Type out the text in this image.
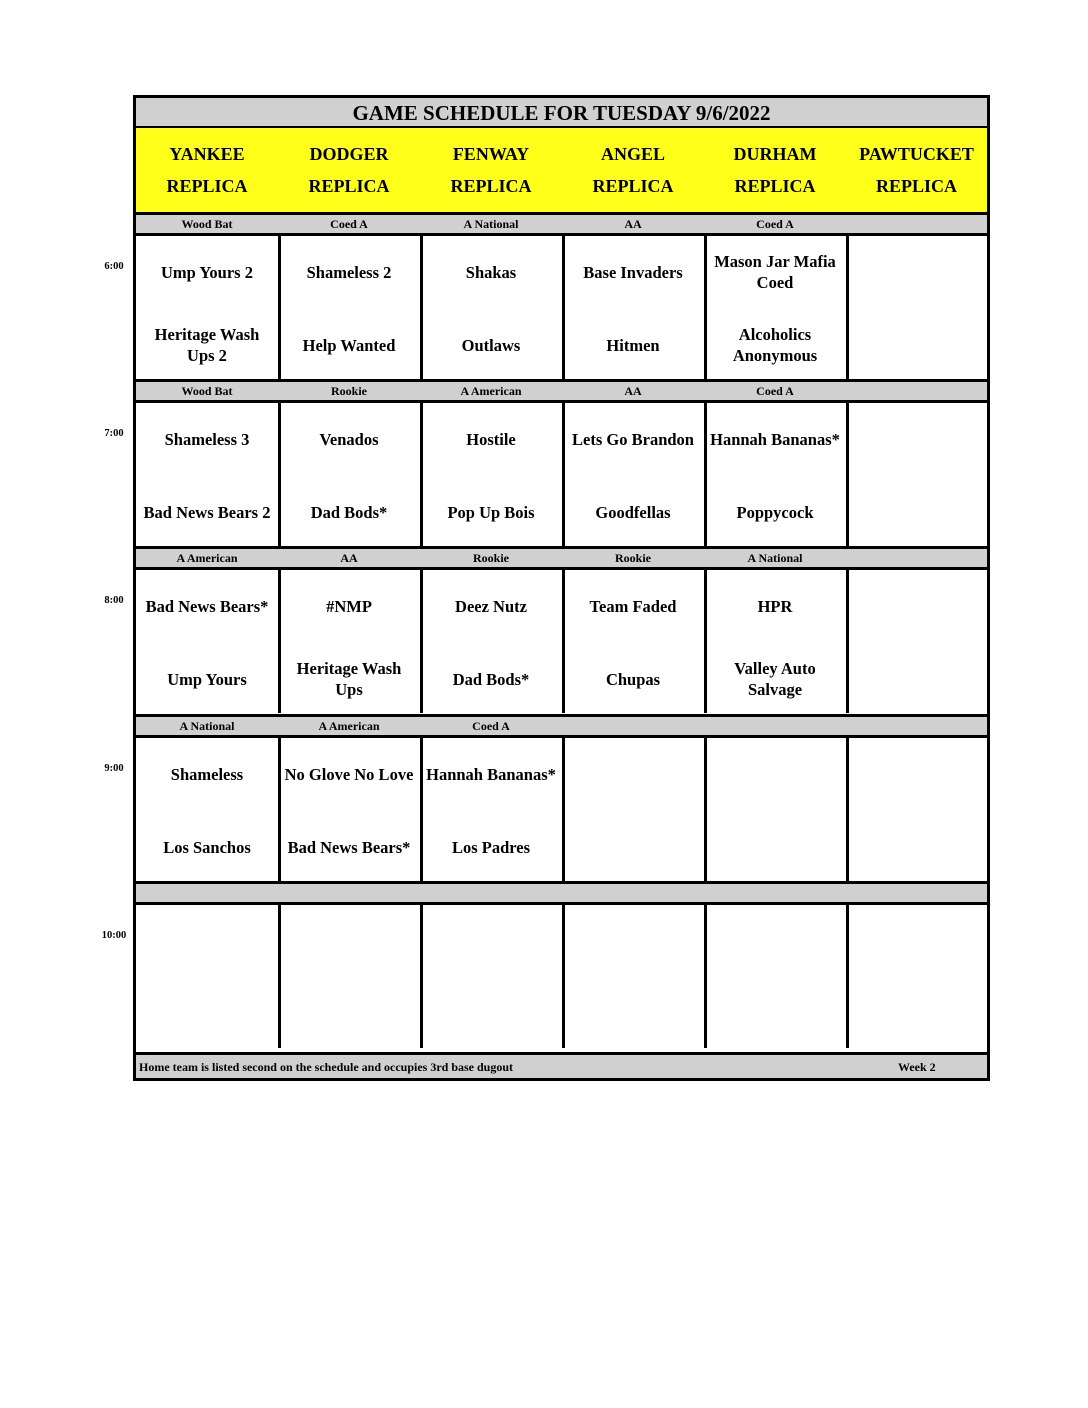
GAME SCHEDULE FOR TUESDAY 9/6/2022
Home team is listed second on the schedule and occupies 3rd base dugout	Week 2
YANKEE
REPLICA
DODGER
REPLICA
FENWAY
REPLICA
ANGEL
REPLICA
DURHAM
REPLICA
PAWTUCKET
REPLICA
Wood Bat
Ump Yours 2
Heritage Wash Ups 2
Coed A
Shameless 2
Help Wanted
A National
Shakas
Outlaws
AA
Base Invaders
Hitmen
Coed A
Mason Jar Mafia Coed
Alcoholics Anonymous
Wood Bat
Shameless 3
Bad News Bears 2
Rookie
Venados
Dad Bods*
A American
Hostile
Pop Up Bois
AA
Lets Go Brandon
Goodfellas
Coed A
Hannah Bananas*
Poppycock
A American
Bad News Bears*
Ump Yours
AA
#NMP
Heritage Wash Ups
Rookie
Deez Nutz
Dad Bods*
Rookie
Team Faded
Chupas
A National
HPR
Valley Auto Salvage
A National
Shameless
Los Sanchos
A American
No Glove No Love
Bad News Bears*
Coed A
Hannah Bananas*
Los Padres
6:00
7:00
8:00
9:00
10:00
